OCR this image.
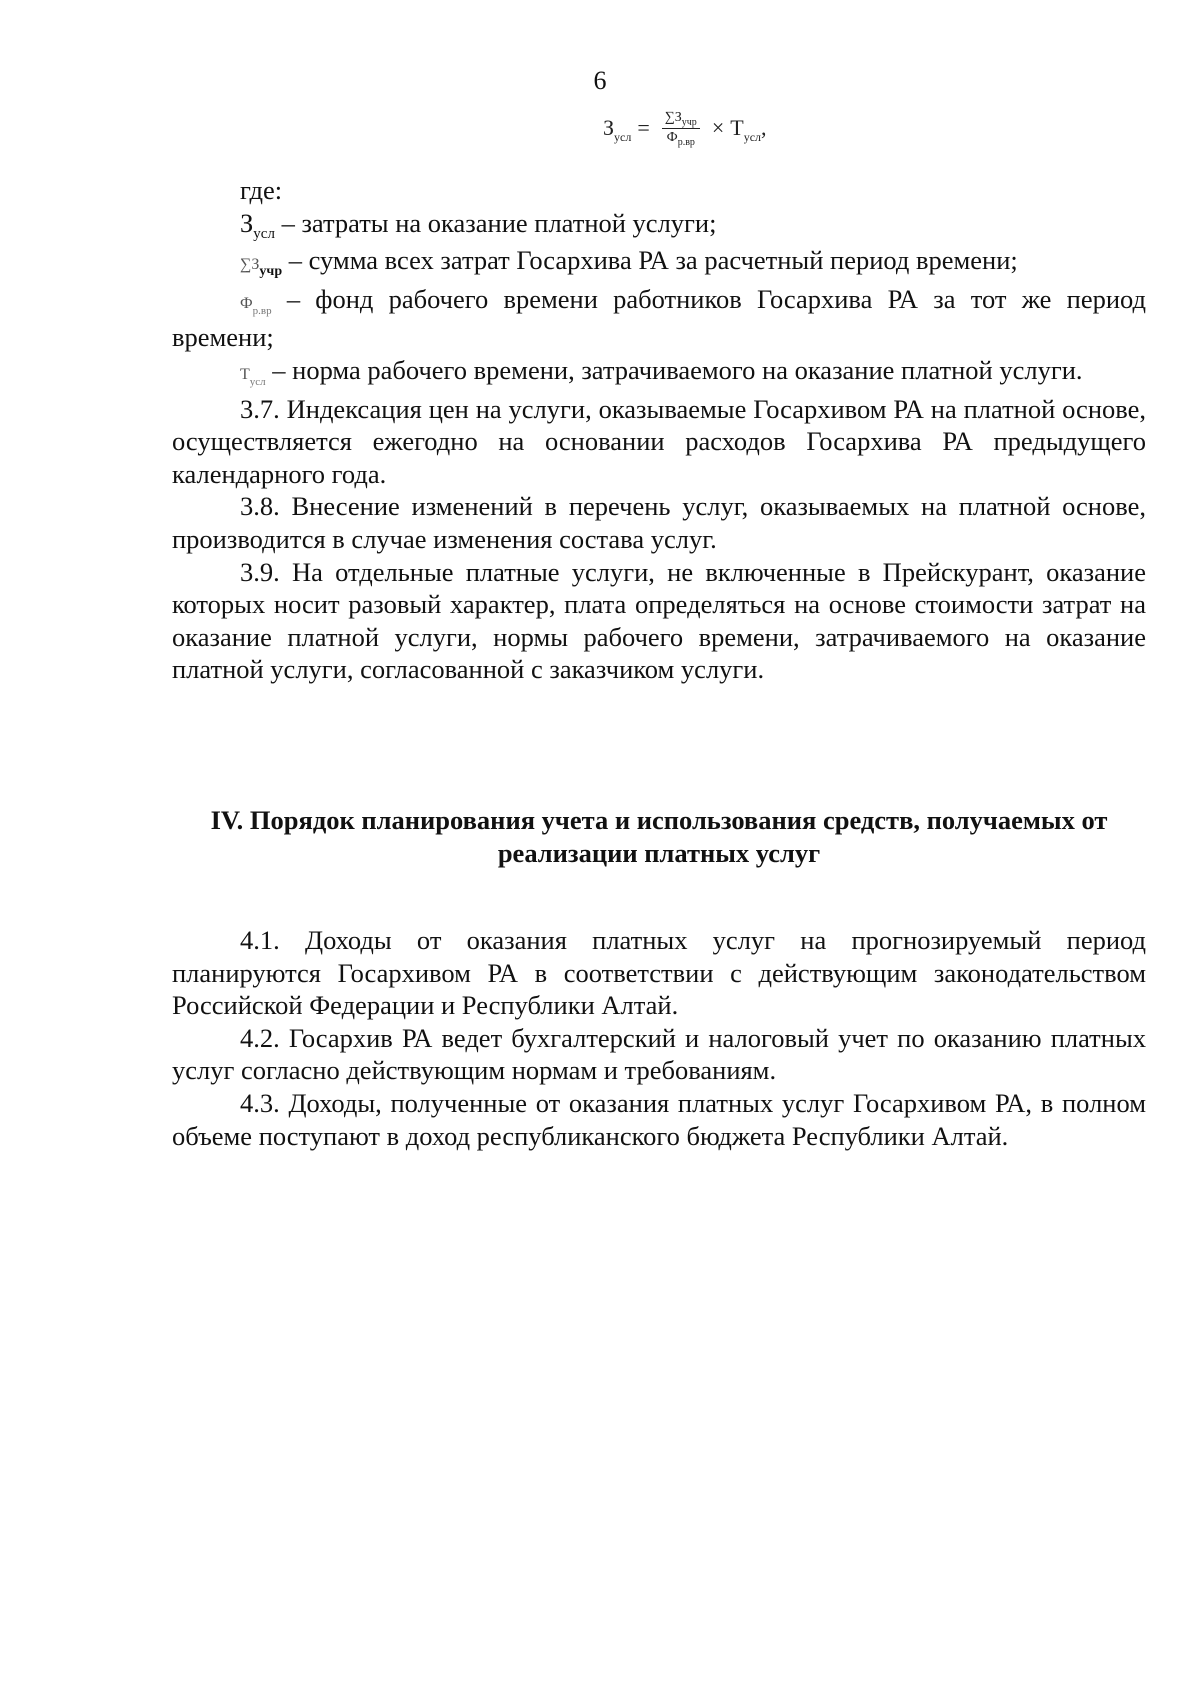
6
$З_{усл} = \frac{\sum З_{учр}}{Ф_{р.вр}} \times Т_{усл}$,

где:

$З_{усл}$ – затраты на оказание платной услуги;

$\sum З_{учр}$ – сумма всех затрат Госархива РА за расчетный период времени;

$Ф_{р.вр}$ – фонд рабочего времени работников Госархива РА за тот же период времени;

$Т_{усл}$ – норма рабочего времени, затрачиваемого на оказание платной услуги.

3.7. Индексация цен на услуги, оказываемые Госархивом РА на платной основе, осуществляется ежегодно на основании расходов Госархива РА предыдущего календарного года.

3.8. Внесение изменений в перечень услуг, оказываемых на платной основе, производится в случае изменения состава услуг.

3.9. На отдельные платные услуги, не включенные в Прейскурант, оказание которых носит разовый характер, плата определяться на основе стоимости затрат на оказание платной услуги, нормы рабочего времени, затрачиваемого на оказание платной услуги, согласованной с заказчиком услуги.

IV. Порядок планирования учета и использования средств, получаемых от реализации платных услуг

4.1. Доходы от оказания платных услуг на прогнозируемый период планируются Госархивом РА в соответствии с действующим законодательством Российской Федерации и Республики Алтай.

4.2. Госархив РА ведет бухгалтерский и налоговый учет по оказанию платных услуг согласно действующим нормам и требованиям.

4.3. Доходы, полученные от оказания платных услуг Госархивом РА, в полном объеме поступают в доход республиканского бюджета Республики Алтай.
